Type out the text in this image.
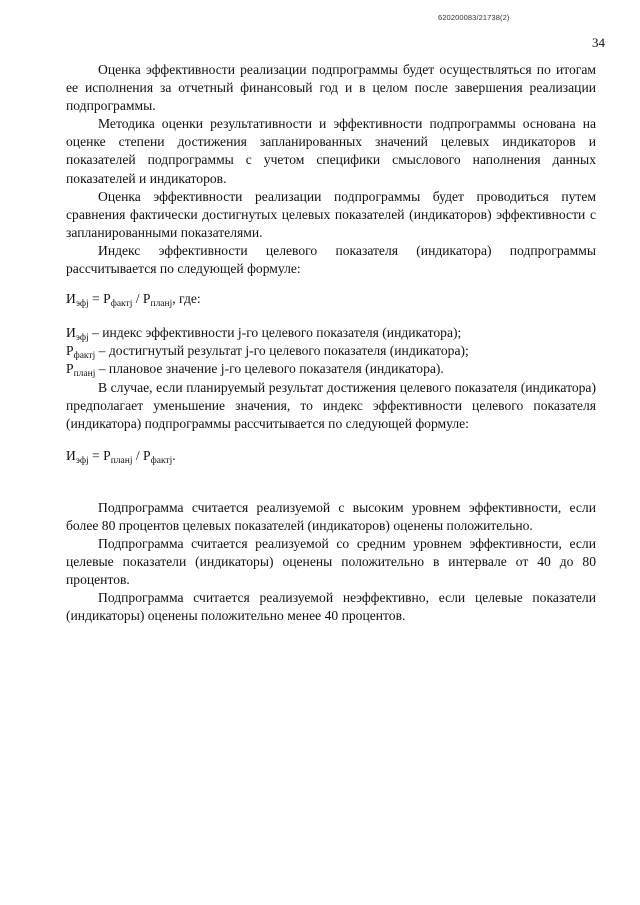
620200083/21738(2)
34

Оценка эффективности реализации подпрограммы будет осуществляться по итогам ее исполнения за отчетный финансовый год и в целом после завершения реализации подпрограммы.

Методика оценки результативности и эффективности подпрограммы основана на оценке степени достижения запланированных значений целевых индикаторов и показателей подпрограммы с учетом специфики смыслового наполнения данных показателей и индикаторов.

Оценка эффективности реализации подпрограммы будет проводиться путем сравнения фактически достигнутых целевых показателей (индикаторов) эффективности с запланированными показателями.

Индекс эффективности целевого показателя (индикатора) подпрограммы рассчитывается по следующей формуле:

$И_{эфj} = P_{фактj} / P_{планj}$, где:

$И_{эфj}$ – индекс эффективности j-го целевого показателя (индикатора);

$P_{фактj}$ – достигнутый результат j-го целевого показателя (индикатора);

$P_{планj}$ – плановое значение j-го целевого показателя (индикатора).

В случае, если планируемый результат достижения целевого показателя (индикатора) предполагает уменьшение значения, то индекс эффективности целевого показателя (индикатора) подпрограммы рассчитывается по следующей формуле:

$И_{эфj} = P_{планj} / P_{фактj}$.

Подпрограмма считается реализуемой с высоким уровнем эффективности, если более 80 процентов целевых показателей (индикаторов) оценены положительно.

Подпрограмма считается реализуемой со средним уровнем эффективности, если целевые показатели (индикаторы) оценены положительно в интервале от 40 до 80 процентов.

Подпрограмма считается реализуемой неэффективно, если целевые показатели (индикаторы) оценены положительно менее 40 процентов.
